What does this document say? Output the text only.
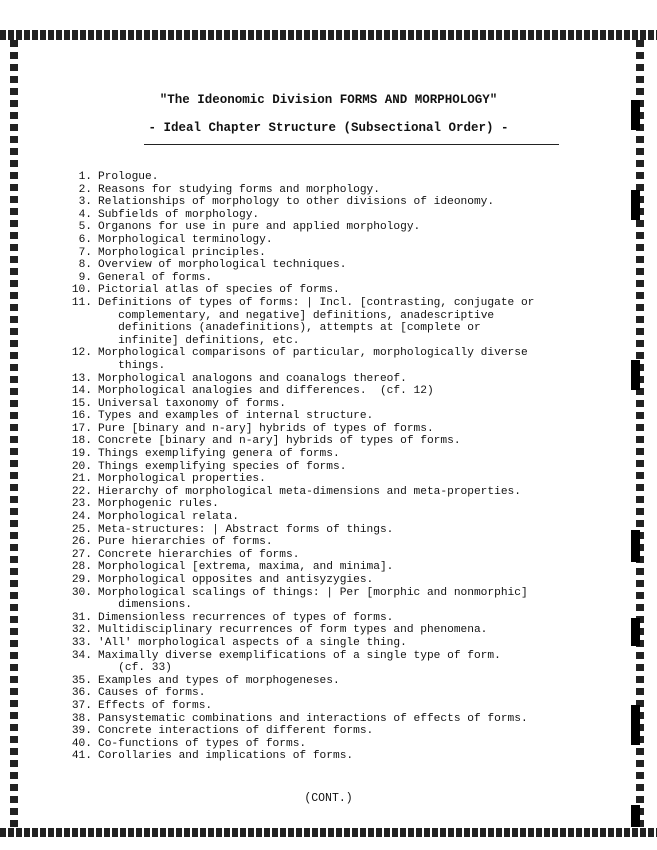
"The Ideonomic Division FORMS AND MORPHOLOGY"
- Ideal Chapter Structure (Subsectional Order) -
1. Prologue.
2. Reasons for studying forms and morphology.
3. Relationships of morphology to other divisions of ideonomy.
4. Subfields of morphology.
5. Organons for use in pure and applied morphology.
6. Morphological terminology.
7. Morphological principles.
8. Overview of morphological techniques.
9. General of forms.
10. Pictorial atlas of species of forms.
11. Definitions of types of forms: | Incl. [contrasting, conjugate or
complementary, and negative] definitions, anadescriptive
definitions (anadefinitions), attempts at [complete or
infinite] definitions, etc.
12. Morphological comparisons of particular, morphologically diverse
things.
13. Morphological analogons and coanalogs thereof.
14. Morphological analogies and differences.  (cf. 12)
15. Universal taxonomy of forms.
16. Types and examples of internal structure.
17. Pure [binary and n-ary] hybrids of types of forms.
18. Concrete [binary and n-ary] hybrids of types of forms.
19. Things exemplifying genera of forms.
20. Things exemplifying species of forms.
21. Morphological properties.
22. Hierarchy of morphological meta-dimensions and meta-properties.
23. Morphogenic rules.
24. Morphological relata.
25. Meta-structures: | Abstract forms of things.
26. Pure hierarchies of forms.
27. Concrete hierarchies of forms.
28. Morphological [extrema, maxima, and minima].
29. Morphological opposites and antisyzygies.
30. Morphological scalings of things: | Per [morphic and nonmorphic]
dimensions.
31. Dimensionless recurrences of types of forms.
32. Multidisciplinary recurrences of form types and phenomena.
33. 'All' morphological aspects of a single thing.
34. Maximally diverse exemplifications of a single type of form.
(cf. 33)
35. Examples and types of morphogeneses.
36. Causes of forms.
37. Effects of forms.
38. Pansystematic combinations and interactions of effects of forms.
39. Concrete interactions of different forms.
40. Co-functions of types of forms.
41. Corollaries and implications of forms.
(CONT.)
